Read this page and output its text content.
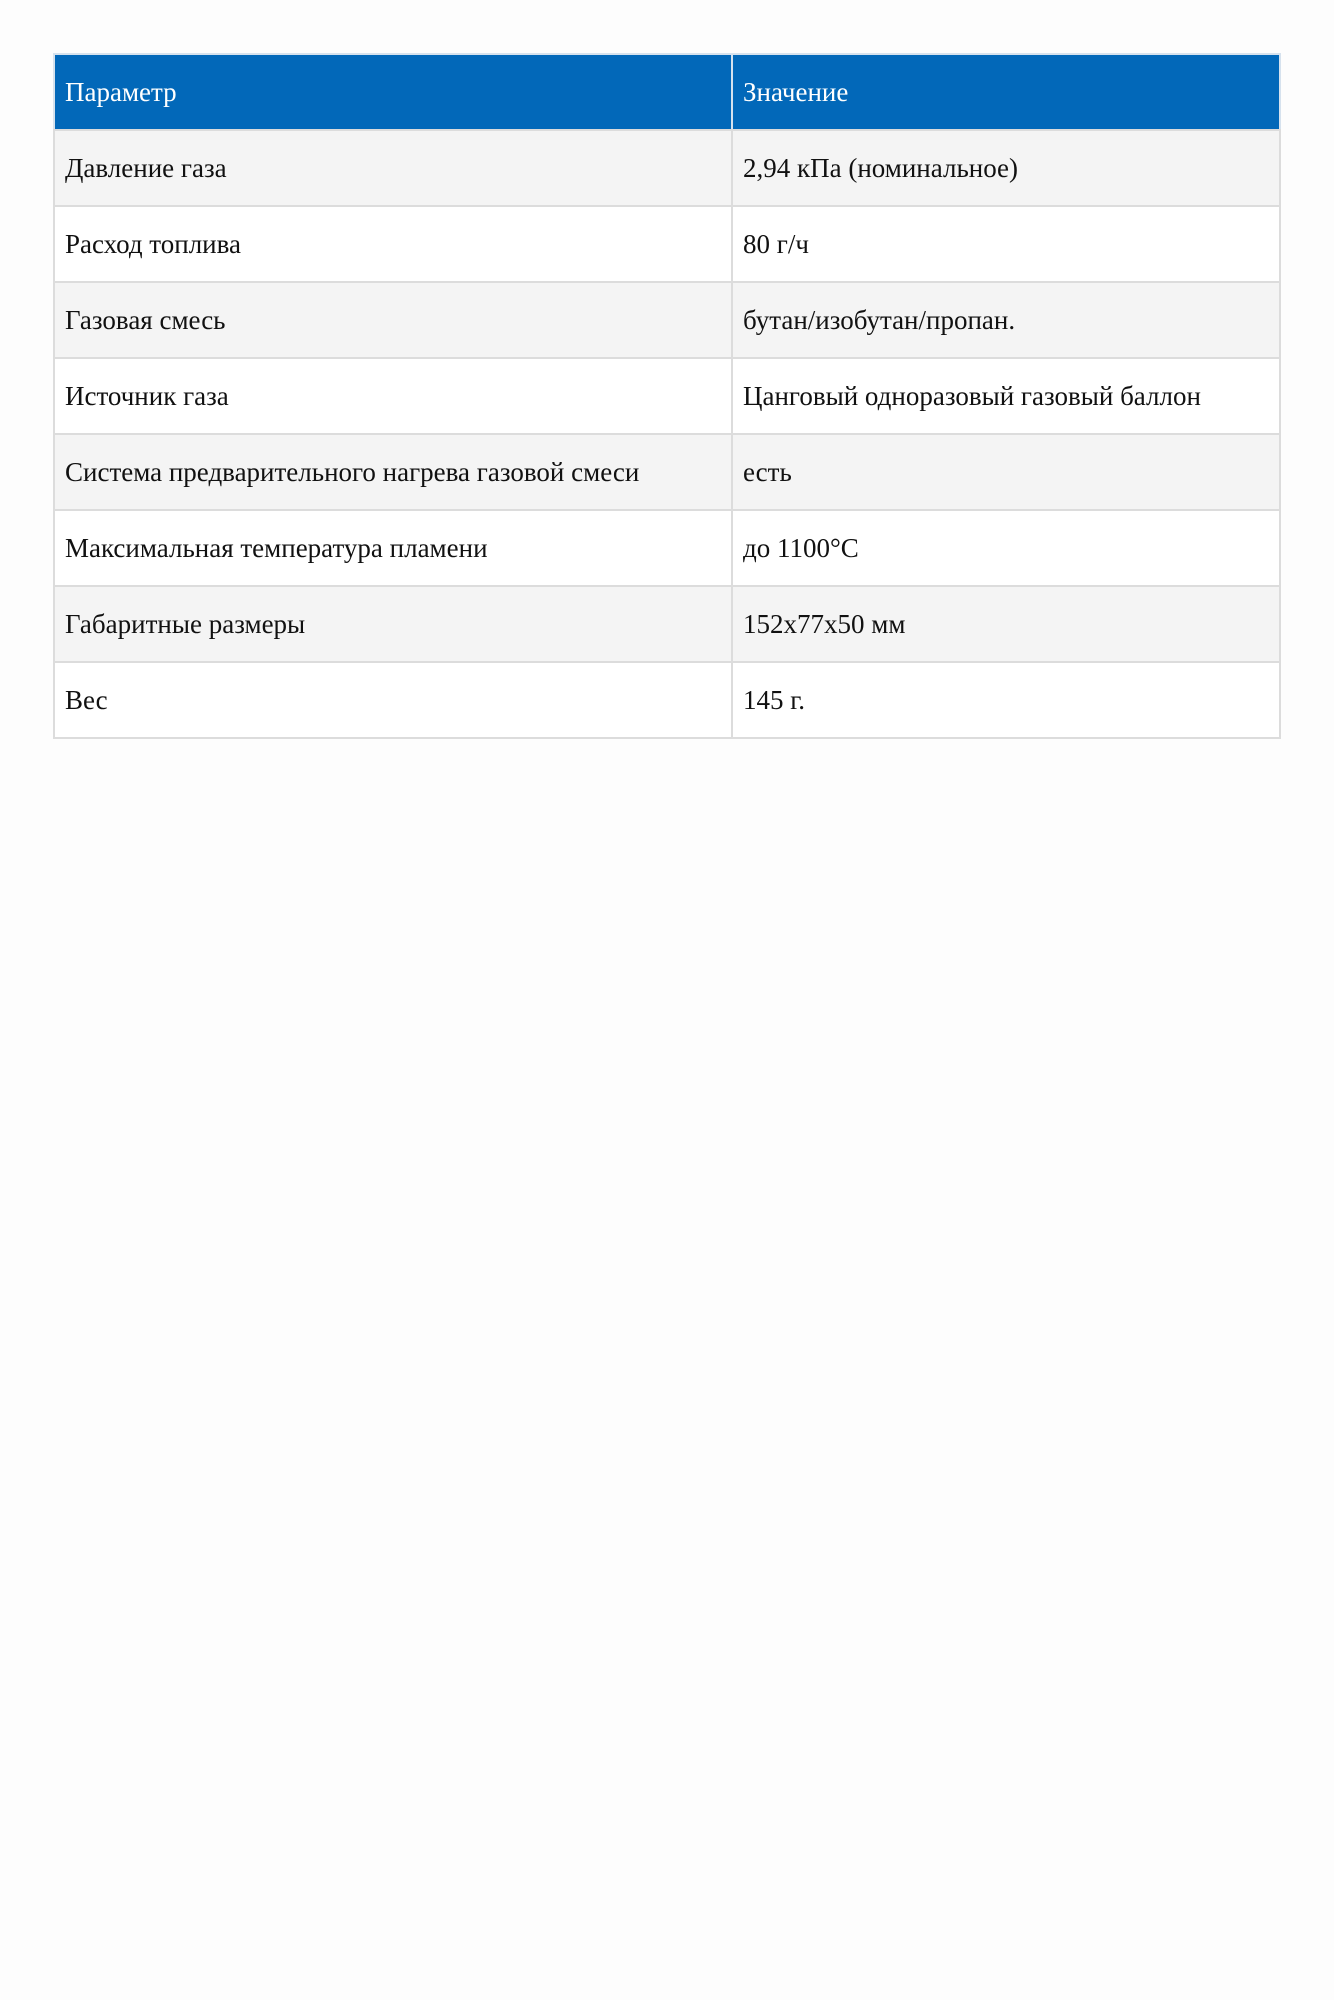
Параметр	Значение
Давление газа	2,94 кПа (номинальное)
Расход топлива	80 г/ч
Газовая смесь	бутан/изобутан/пропан.
Источник газа	Цанговый одноразовый газовый баллон
Система предварительного нагрева газовой смеси	есть
Максимальная температура пламени	до 1100°С
Габаритные размеры	152х77х50 мм
Вес	145 г.
